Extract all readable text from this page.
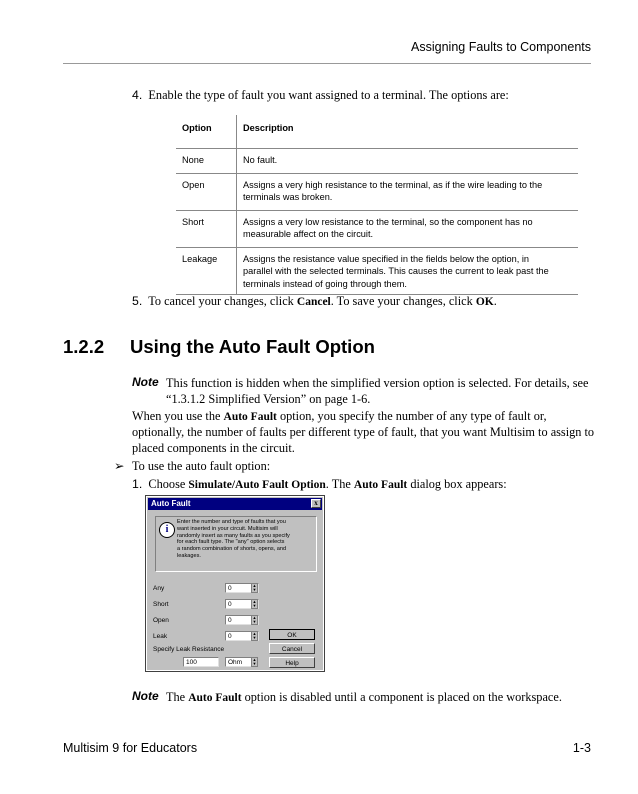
Assigning Faults to Components
4. Enable the type of fault you want assigned to a terminal. The options are:
Option	Description
None	No fault.

Open	Assigns a very high resistance to the terminal, as if the wire leading to the
terminals was broken.

Short	Assigns a very low resistance to the terminal, so the component has no
measurable affect on the circuit.

Leakage	Assigns the resistance value specified in the fields below the option, in
parallel with the selected terminals. This causes the current to leak past the
terminals instead of going through them.
5. To cancel your changes, click Cancel. To save your changes, click OK.
1.2.2 Using the Auto Fault Option
Note This function is hidden when the simplified version option is selected. For details, see
“1.3.1.2 Simplified Version” on page 1-6.
When you use the Auto Fault option, you specify the number of any type of fault or,
optionally, the number of faults per different type of fault, that you want Multisim to assign to
placed components in the circuit.
➢ To use the auto fault option:
1. Choose Simulate/Auto Fault Option. The Auto Fault dialog box appears:
Auto Fault	x
i
Enter the number and type of faults that you
want inserted in your circuit. Multisim will
randomly insert as many faults as you specify
for each fault type. The "any" option selects
a random combination of shorts, opens, and
leakages.
Any	0	▲
▼
Short	0	▲
▼
Open	0	▲
▼
Leak	0	▲
▼
Specify Leak Resistance
100	Ohm	▲
▼
OK
Cancel
Help
Note The Auto Fault option is disabled until a component is placed on the workspace.
Multisim 9 for Educators	1-3
